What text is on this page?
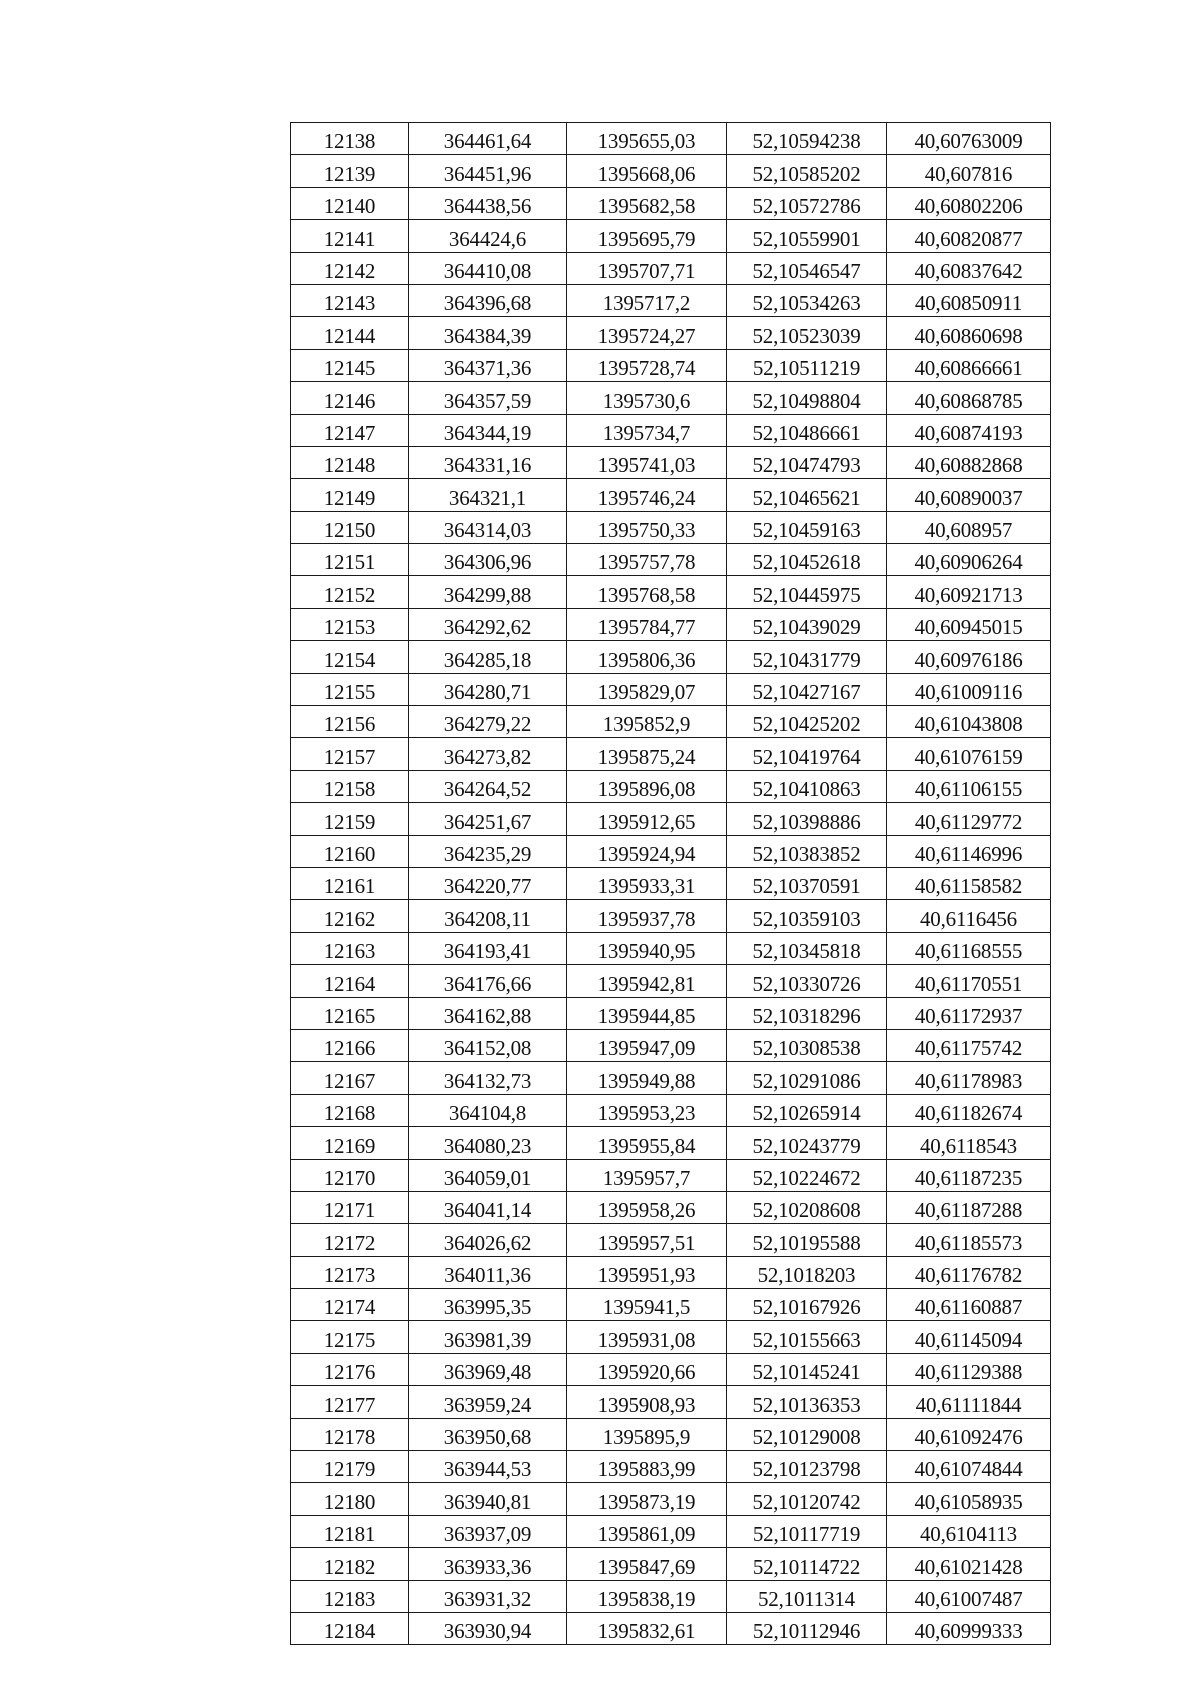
12138	364461,64	1395655,03	52,10594238	40,60763009
12139	364451,96	1395668,06	52,10585202	40,607816
12140	364438,56	1395682,58	52,10572786	40,60802206
12141	364424,6	1395695,79	52,10559901	40,60820877
12142	364410,08	1395707,71	52,10546547	40,60837642
12143	364396,68	1395717,2	52,10534263	40,60850911
12144	364384,39	1395724,27	52,10523039	40,60860698
12145	364371,36	1395728,74	52,10511219	40,60866661
12146	364357,59	1395730,6	52,10498804	40,60868785
12147	364344,19	1395734,7	52,10486661	40,60874193
12148	364331,16	1395741,03	52,10474793	40,60882868
12149	364321,1	1395746,24	52,10465621	40,60890037
12150	364314,03	1395750,33	52,10459163	40,608957
12151	364306,96	1395757,78	52,10452618	40,60906264
12152	364299,88	1395768,58	52,10445975	40,60921713
12153	364292,62	1395784,77	52,10439029	40,60945015
12154	364285,18	1395806,36	52,10431779	40,60976186
12155	364280,71	1395829,07	52,10427167	40,61009116
12156	364279,22	1395852,9	52,10425202	40,61043808
12157	364273,82	1395875,24	52,10419764	40,61076159
12158	364264,52	1395896,08	52,10410863	40,61106155
12159	364251,67	1395912,65	52,10398886	40,61129772
12160	364235,29	1395924,94	52,10383852	40,61146996
12161	364220,77	1395933,31	52,10370591	40,61158582
12162	364208,11	1395937,78	52,10359103	40,6116456
12163	364193,41	1395940,95	52,10345818	40,61168555
12164	364176,66	1395942,81	52,10330726	40,61170551
12165	364162,88	1395944,85	52,10318296	40,61172937
12166	364152,08	1395947,09	52,10308538	40,61175742
12167	364132,73	1395949,88	52,10291086	40,61178983
12168	364104,8	1395953,23	52,10265914	40,61182674
12169	364080,23	1395955,84	52,10243779	40,6118543
12170	364059,01	1395957,7	52,10224672	40,61187235
12171	364041,14	1395958,26	52,10208608	40,61187288
12172	364026,62	1395957,51	52,10195588	40,61185573
12173	364011,36	1395951,93	52,1018203	40,61176782
12174	363995,35	1395941,5	52,10167926	40,61160887
12175	363981,39	1395931,08	52,10155663	40,61145094
12176	363969,48	1395920,66	52,10145241	40,61129388
12177	363959,24	1395908,93	52,10136353	40,61111844
12178	363950,68	1395895,9	52,10129008	40,61092476
12179	363944,53	1395883,99	52,10123798	40,61074844
12180	363940,81	1395873,19	52,10120742	40,61058935
12181	363937,09	1395861,09	52,10117719	40,6104113
12182	363933,36	1395847,69	52,10114722	40,61021428
12183	363931,32	1395838,19	52,1011314	40,61007487
12184	363930,94	1395832,61	52,10112946	40,60999333
